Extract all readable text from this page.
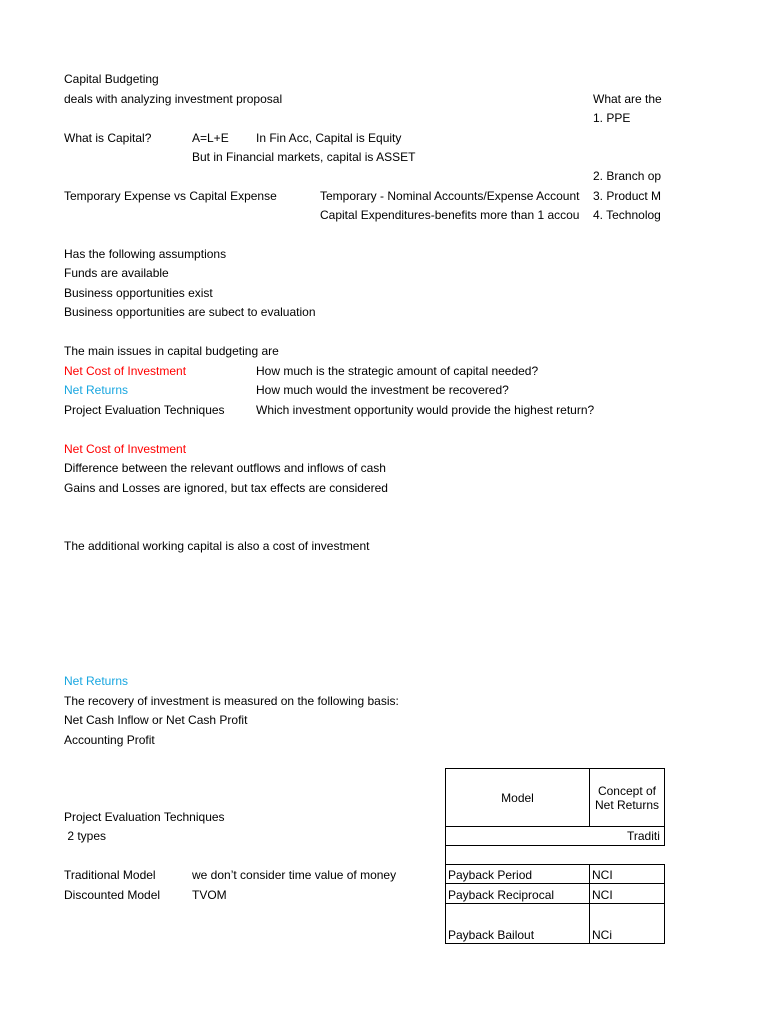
Capital Budgeting
deals with analyzing investment proposal	What are the
1. PPE
2. Branch op
3. Product M
4. Technolog
What is Capital?	A=L+E In Fin Acc, Capital is Equity
But in Financial markets, capital is ASSET
Temporary Expense vs Capital Expense	Temporary - Nominal Accounts/Expense Account
Capital Expenditures-benefits more than 1 accou
Has the following assumptions
Funds are available
Business opportunities exist
Business opportunities are subect to evaluation
The main issues in capital budgeting are
Net Cost of Investment	How much is the strategic amount of capital needed?
Net Returns	How much would the investment be recovered?
Project Evaluation Techniques	Which investment opportunity would provide the highest return?
Net Cost of Investment
Difference between the relevant outflows and inflows of cash
Gains and Losses are ignored, but tax effects are considered
The additional working capital is also a cost of investment
Net Returns
The recovery of investment is measured on the following basis:
Net Cash Inflow or Net Cash Profit
Accounting Profit
Project Evaluation Techniques
2 types
Traditional Model	we don’t consider time value of money
Discounted Model	TVOM
Model	Concept of
Net Returns
Traditi
Payback Period	NCI
Payback Reciprocal	NCI
Payback Bailout	NCi
